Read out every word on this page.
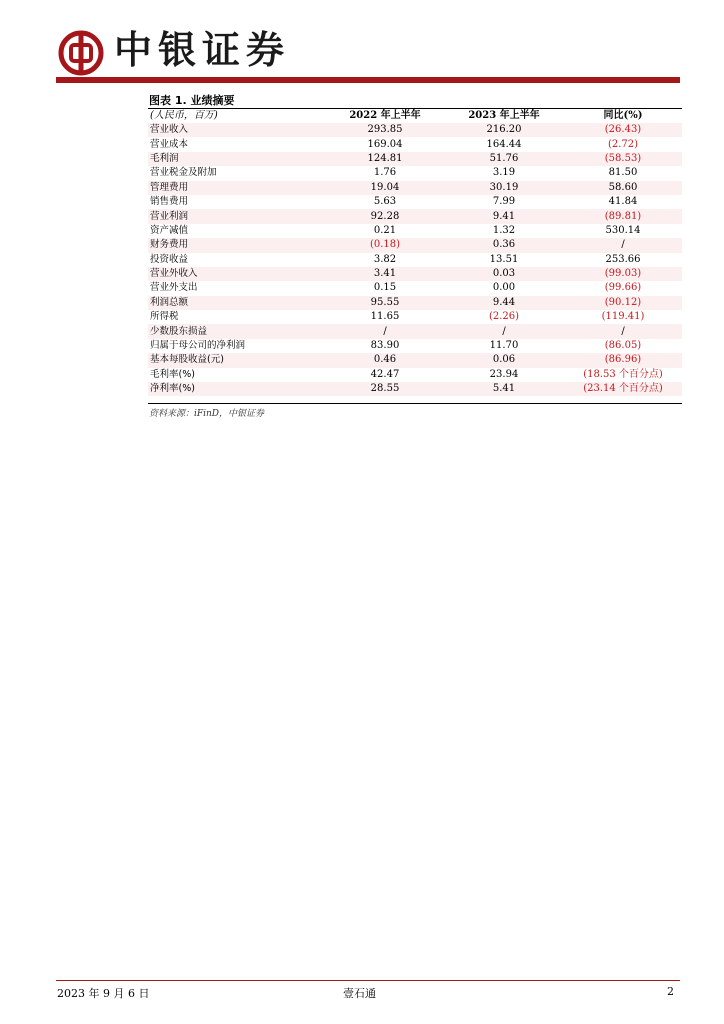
中银证券
图表 1. 业绩摘要
(人民币，百万)	2022 年上半年	2023 年上半年	同比(%)
营业收入	293.85	216.20	(26.43)
营业成本	169.04	164.44	(2.72)
毛利润	124.81	51.76	(58.53)
营业税金及附加	1.76	3.19	81.50
管理费用	19.04	30.19	58.60
销售费用	5.63	7.99	41.84
营业利润	92.28	9.41	(89.81)
资产减值	0.21	1.32	530.14
财务费用	(0.18)	0.36	/
投资收益	3.82	13.51	253.66
营业外收入	3.41	0.03	(99.03)
营业外支出	0.15	0.00	(99.66)
利润总额	95.55	9.44	(90.12)
所得税	11.65	(2.26)	(119.41)
少数股东损益	/	/	/
归属于母公司的净利润	83.90	11.70	(86.05)
基本每股收益(元)	0.46	0.06	(86.96)
毛利率(%)	42.47	23.94	(18.53 个百分点)
净利率(%)	28.55	5.41	(23.14 个百分点)
资料来源：iFinD，中银证券
2023 年 9 月 6 日	壹石通	2
